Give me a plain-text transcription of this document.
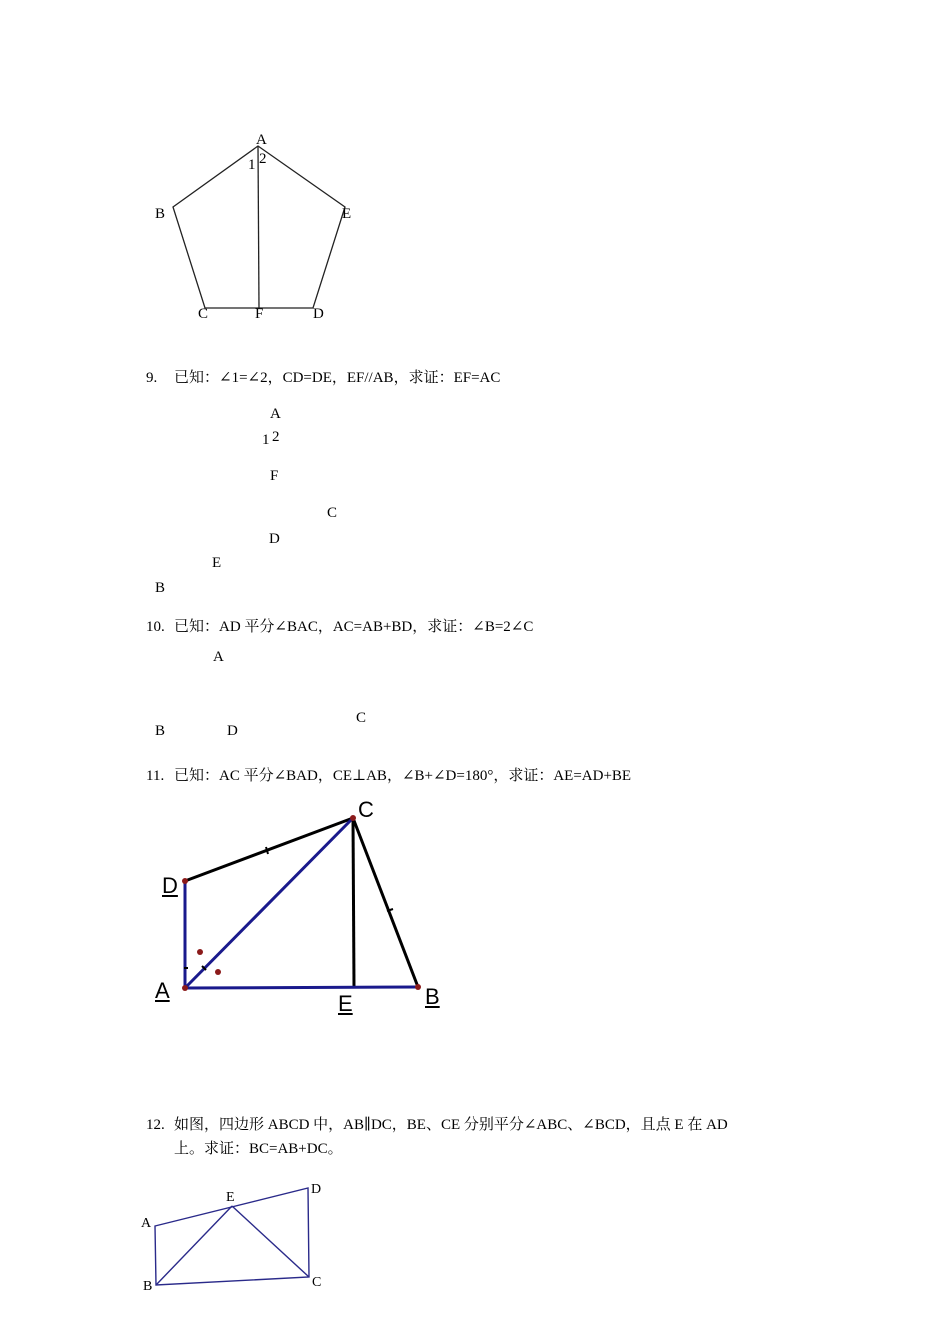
A
1 2
B	E
C	F	D
9. 已知：∠1=∠2，CD=DE，EF//AB，求证：EF=AC
A
1 2
F
C
D
E
B
10. 已知：AD 平分∠BAC，AC=AB+BD，求证：∠B=2∠C
A
C
B	D
11. 已知：AC 平分∠BAD，CE⊥AB，∠B+∠D=180°，求证：AE=AD+BE
C
D
A
E	B
12. 如图，四边形 ABCD 中，AB∥DC，BE、CE 分别平分∠ABC、∠BCD，且点 E 在 AD
上。求证：BC=AB+DC。
A
E
D
B	C
